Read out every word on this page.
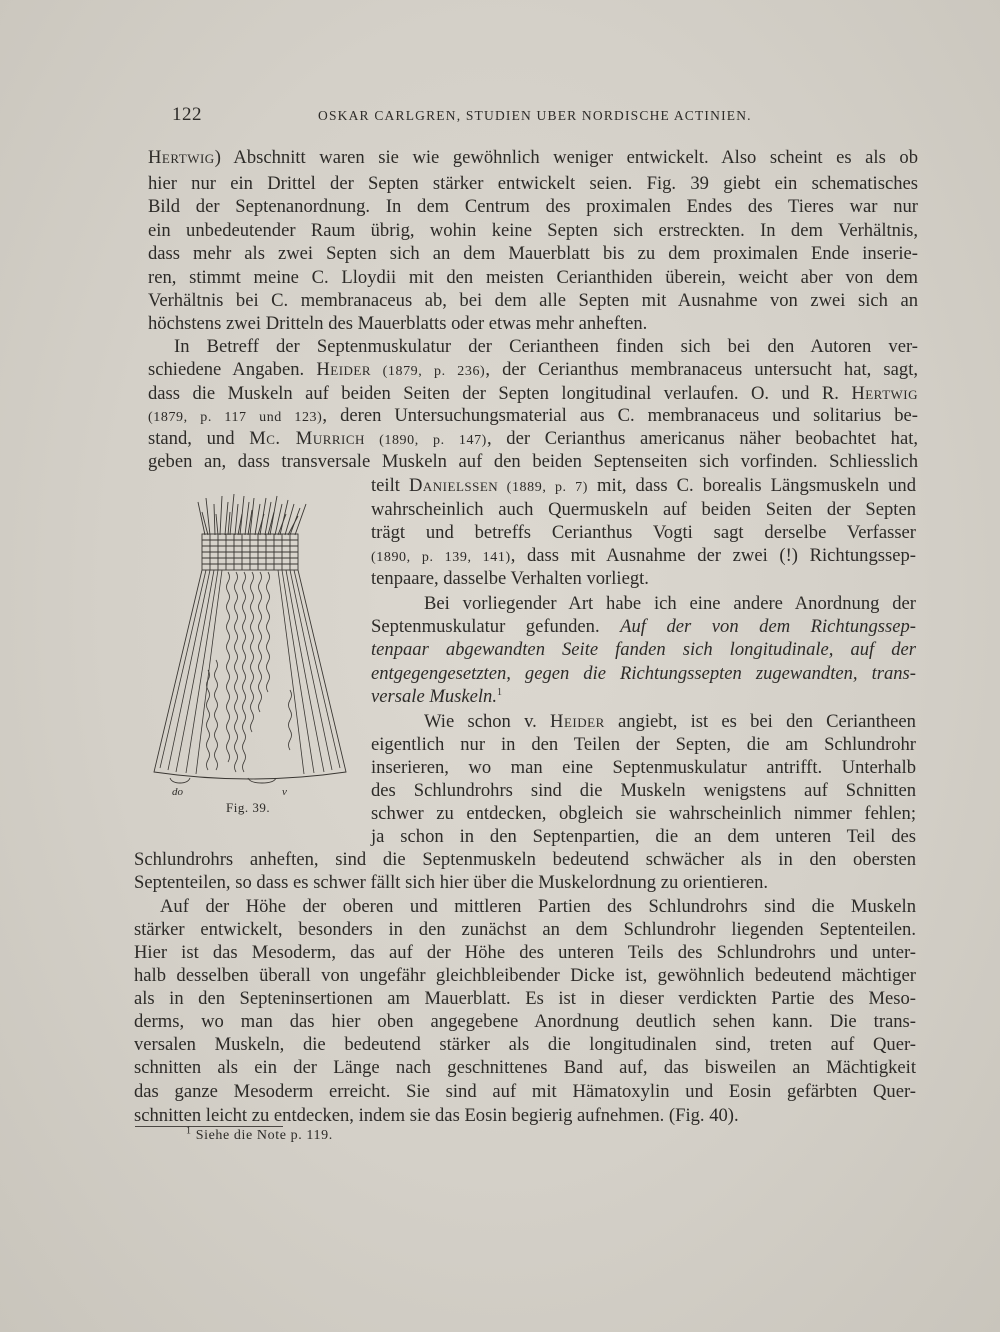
122	OSKAR CARLGREN, STUDIEN UBER NORDISCHE ACTINIEN.
Hertwig) Abschnitt waren sie wie gewöhnlich weniger entwickelt. Also scheint es als ob
hier nur ein Drittel der Septen stärker entwickelt seien. Fig. 39 giebt ein schematisches
Bild der Septenanordnung. In dem Centrum des proximalen Endes des Tieres war nur
ein unbedeutender Raum übrig, wohin keine Septen sich erstreckten. In dem Verhältnis,
dass mehr als zwei Septen sich an dem Mauerblatt bis zu dem proximalen Ende inserie-
ren, stimmt meine C. Lloydii mit den meisten Cerianthiden überein, weicht aber von dem
Verhältnis bei C. membranaceus ab, bei dem alle Septen mit Ausnahme von zwei sich an
höchstens zwei Dritteln des Mauerblatts oder etwas mehr anheften.
In Betreff der Septenmuskulatur der Ceriantheen finden sich bei den Autoren ver-
schiedene Angaben. Heider (1879, p. 236), der Cerianthus membranaceus untersucht hat, sagt,
dass die Muskeln auf beiden Seiten der Septen longitudinal verlaufen. O. und R. Hertwig
(1879, p. 117 und 123), deren Untersuchungsmaterial aus C. membranaceus und solitarius be-
stand, und Mc. Murrich (1890, p. 147), der Cerianthus americanus näher beobachtet hat,
geben an, dass transversale Muskeln auf den beiden Septenseiten sich vorfinden. Schliesslich
teilt Danielssen (1889, p. 7) mit, dass C. borealis Längsmuskeln und
wahrscheinlich auch Quermuskeln auf beiden Seiten der Septen
trägt und betreffs Cerianthus Vogti sagt derselbe Verfasser
(1890, p. 139, 141), dass mit Ausnahme der zwei (!) Richtungssep-
tenpaare, dasselbe Verhalten vorliegt.
Bei vorliegender Art habe ich eine andere Anordnung der
Septenmuskulatur gefunden. Auf der von dem Richtungssep-
tenpaar abgewandten Seite fanden sich longitudinale, auf der
entgegengesetzten, gegen die Richtungssepten zugewandten, trans-
versale Muskeln.$^1$
Wie schon v. Heider angiebt, ist es bei den Ceriantheen
eigentlich nur in den Teilen der Septen, die am Schlundrohr
inserieren, wo man eine Septenmuskulatur antrifft. Unterhalb
des Schlundrohrs sind die Muskeln wenigstens auf Schnitten
schwer zu entdecken, obgleich sie wahrscheinlich nimmer fehlen;
ja schon in den Septenpartien, die an dem unteren Teil des
Schlundrohrs anheften, sind die Septenmuskeln bedeutend schwächer als in den obersten
Septenteilen, so dass es schwer fällt sich hier über die Muskelordnung zu orientieren.
Auf der Höhe der oberen und mittleren Partien des Schlundrohrs sind die Muskeln
stärker entwickelt, besonders in den zunächst an dem Schlundrohr liegenden Septenteilen.
Hier ist das Mesoderm, das auf der Höhe des unteren Teils des Schlundrohrs und unter-
halb desselben überall von ungefähr gleichbleibender Dicke ist, gewöhnlich bedeutend mächtiger
als in den Septeninsertionen am Mauerblatt. Es ist in dieser verdickten Partie des Meso-
derms, wo man das hier oben angegebene Anordnung deutlich sehen kann. Die trans-
versalen Muskeln, die bedeutend stärker als die longitudinalen sind, treten auf Quer-
schnitten als ein der Länge nach geschnittenes Band auf, das bisweilen an Mächtigkeit
das ganze Mesoderm erreicht. Sie sind auf mit Hämatoxylin und Eosin gefärbten Quer-
schnitten leicht zu entdecken, indem sie das Eosin begierig aufnehmen. (Fig. 40).
do	v
Fig. 39.
$^1$ Siehe die Note p. 119.
